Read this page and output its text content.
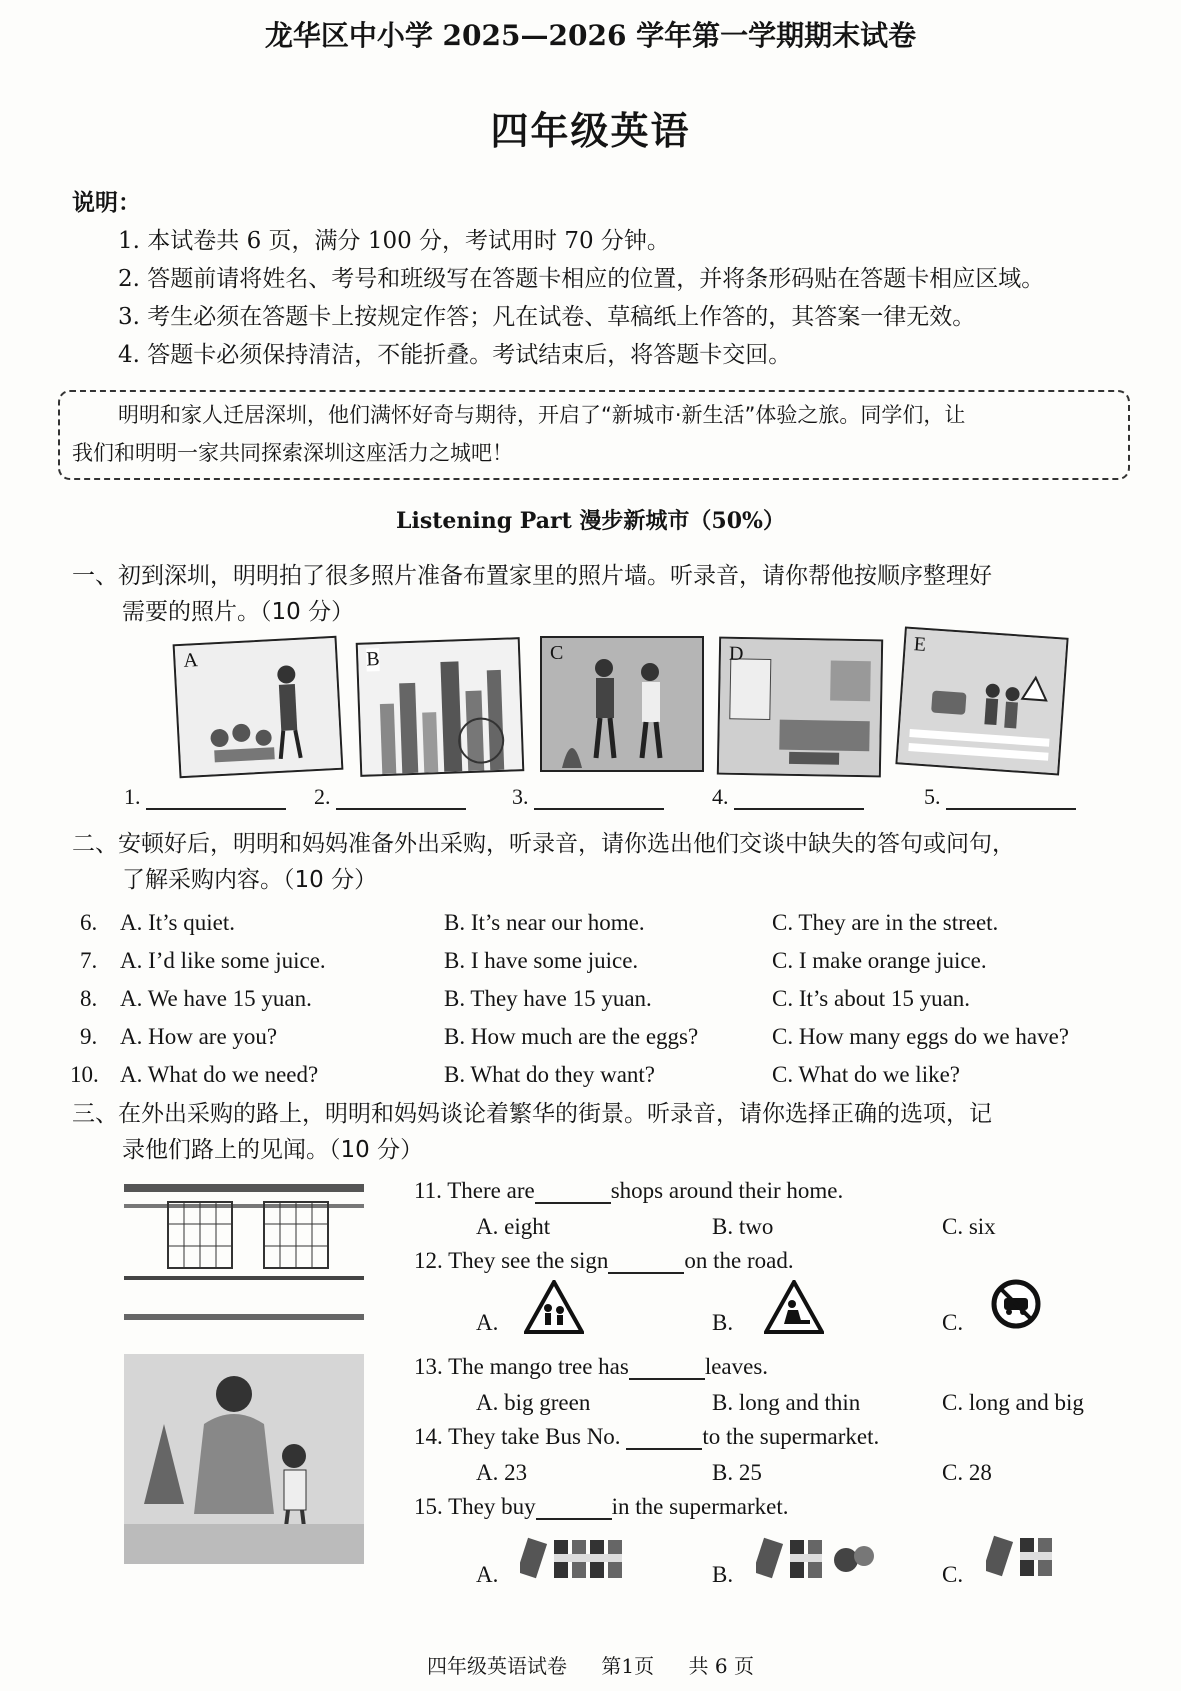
龙华区中小学 2025—2026 学年第一学期期末试卷
四年级英语
说明：
1. 本试卷共 6 页，满分 100 分，考试用时 70 分钟。
2. 答题前请将姓名、考号和班级写在答题卡相应的位置，并将条形码贴在答题卡相应区域。
3. 考生必须在答题卡上按规定作答；凡在试卷、草稿纸上作答的，其答案一律无效。
4. 答题卡必须保持清洁，不能折叠。考试结束后，将答题卡交回。

明明和家人迁居深圳，他们满怀好奇与期待，开启了“新城市·新生活”体验之旅。同学们，让

我们和明明一家共同探索深圳这座活力之城吧！
Listening Part 漫步新城市（50%）
一、初到深圳，明明拍了很多照片准备布置家里的照片墙。听录音，请你帮他按顺序整理好
需要的照片。（10 分）
A	B	C	D	E
1.	2.	3.	4.	5.
二、安顿好后，明明和妈妈准备外出采购，听录音，请你选出他们交谈中缺失的答句或问句，
了解采购内容。（10 分）
6. A. It’s quiet.	B. It’s near our home.	C. They are in the street.
7. A. I’d like some juice.	B. I have some juice.	C. I make orange juice.
8. A. We have 15 yuan.	B. They have 15 yuan.	C. It’s about 15 yuan.
9. A. How are you?	B. How much are the eggs?	C. How many eggs do we have?
10. A. What do we need?	B. What do they want?	C. What do we like?
三、在外出采购的路上，明明和妈妈谈论着繁华的街景。听录音，请你选择正确的选项，记
录他们路上的见闻。（10 分）
11. There are	shops around their home.
A. eight	B. two	C. six
12. They see the sign	on the road.
A.	B.	C.
13. The mango tree has	leaves.
A. big green	B. long and thin	C. long and big
14. They take Bus No.	to the supermarket.
A. 23	B. 25	C. 28
15. They buy	in the supermarket.
A.	B.	C.
四年级英语试卷 第1页 共 6 页
